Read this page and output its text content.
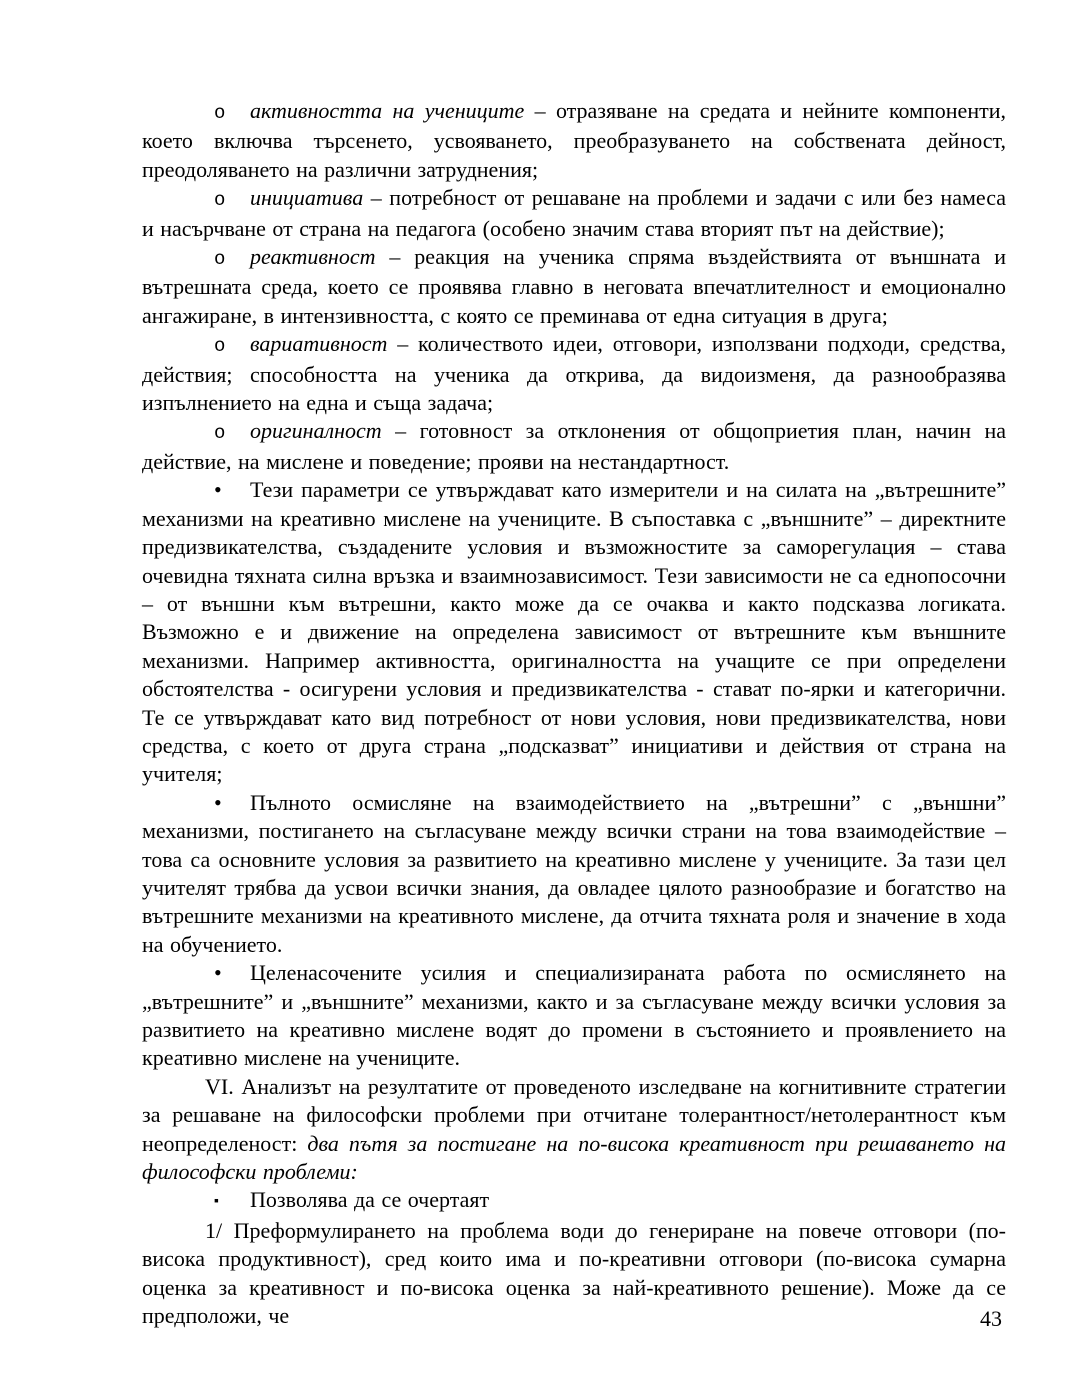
o активността на учениците – отразяване на средата и нейните компоненти, което включва търсенето, усвояването, преобразуването на собствената дейност, преодоляването на различни затруднения;

o инициатива – потребност от решаване на проблеми и задачи с или без намеса и насърчване от страна на педагога (особено значим става вторият път на действие);

o реактивност – реакция на ученика спряма въздействията от външната и вътрешната среда, което се проявява главно в неговата впечатлителност и емоционално ангажиране, в интензивността, с която се преминава от една ситуация в друга;

o вариативност – количеството идеи, отговори, използвани подходи, средства, действия; способността на ученика да открива, да видоизменя, да разнообразява изпълнението на една и съща задача;

o оригиналност – готовност за отклонения от общоприетия план, начин на действие, на мислене и поведение; прояви на нестандартност.

• Тези параметри се утвърждават като измерители и на силата на „вътрешните” механизми на креативно мислене на учениците. В съпоставка с „външните” – директните предизвикателства, създадените условия и възможностите за саморегулация – става очевидна тяхната силна връзка и взаимнозависимост. Тези зависимости не са еднопосочни – от външни към вътрешни, както може да се очаква и както подсказва логиката. Възможно е и движение на определена зависимост от вътрешните към външните механизми. Например активността, оригиналността на учащите се при определени обстоятелства - осигурени условия и предизвикателства - стават по-ярки и категорични. Те се утвърждават като вид потребност от нови условия, нови предизвикателства, нови средства, с което от друга страна „подсказват” инициативи и действия от страна на учителя;

• Пълното осмисляне на взаимодействието на „вътрешни” с „външни” механизми, постигането на съгласуване между всички страни на това взаимодействие – това са основните условия за развитието на креативно мислене у учениците. За тази цел учителят трябва да усвои всички знания, да овладее цялото разнообразие и богатство на вътрешните механизми на креативното мислене, да отчита тяхната роля и значение в хода на обучението.

• Целенасочените усилия и специализираната работа по осмислянето на „вътрешните” и „външните” механизми, както и за съгласуване между всички условия за развитието на креативно мислене водят до промени в състоянието и проявлението на креативно мислене на учениците.

VI. Анализът на резултатите от проведеното изследване на когнитивните стратегии за решаване на философски проблеми при отчитане толерантност/нетолерантност към неопределеност: два пътя за постигане на по-висока креативност при решаването на философски проблеми:

▪ Позволява да се очертаят

1/ Преформулирането на проблема води до генериране на повече отговори (по-висока продуктивност), сред които има и по-креативни отговори (по-висока сумарна оценка за креативност и по-висока оценка за най-креативното решение). Може да се предположи, че	43
